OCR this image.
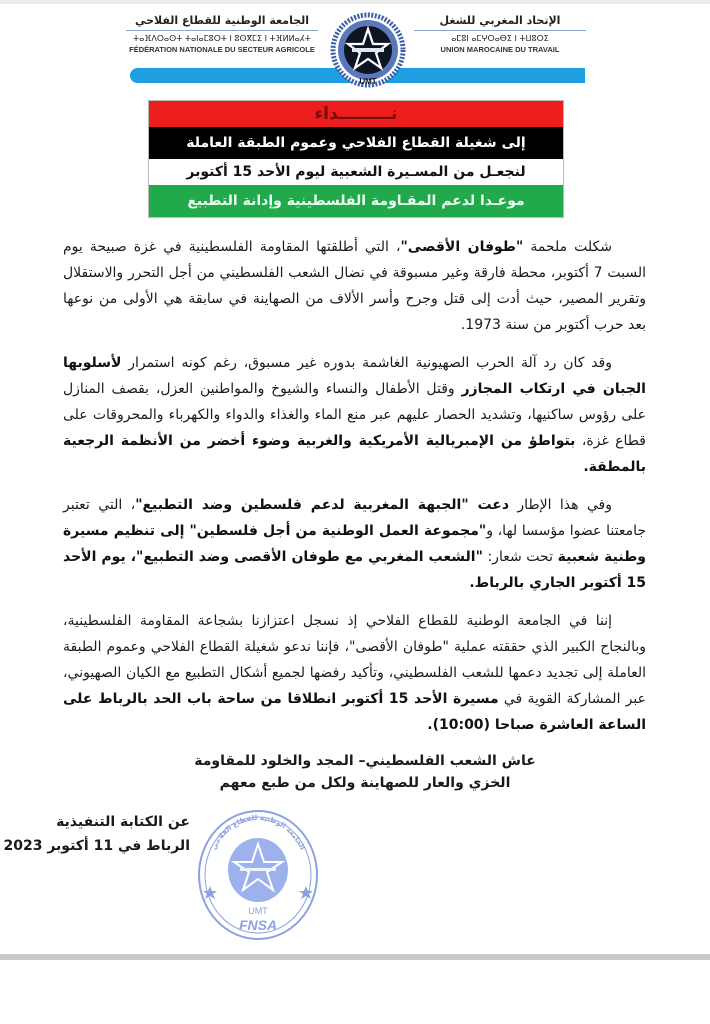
الجامعة الوطنية للقطاع الفلاحي
ⵜⴰⴼⴷⵔⴰⵙⵜ ⵜⴰⵏⴰⵎⵓⵔⵜ ⵏ ⵓⵙⴳⵎⵉ ⵏ ⵜⴼⵍⵍⴰⵃⵜ
FÉDÉRATION NATIONALE DU SECTEUR AGRICOLE
الإتحاد المغربي للشغل
ⴰⵎⵓⵏ ⴰⵎⵖⵔⴰⴱⵉ ⵏ ⵜⵡⵓⵔⵉ
UNION MAROCAINE DU TRAVAIL
UMT
نـــــــــداء
إلى شغيلة القطاع الفلاحي وعموم الطبقة العاملة
لنجعـل من المسـيرة الشعبية ليوم الأحد 15 أكتوبر
موعـدا لدعم المقـاومة الفلسطينية وإدانة التطبيع

شكلت ملحمة "طوفان الأقصى"، التي أطلقتها المقاومة الفلسطينية في غزة صبيحة يوم السبت 7 أكتوبر، محطة فارقة وغير مسبوقة في نضال الشعب الفلسطيني من أجل التحرر والاستقلال وتقرير المصير، حيث أدت إلى قتل وجرح وأسر الألاف من الصهاينة في سابقة هي الأولى من نوعها بعد حرب أكتوبر من سنة 1973.

وقد كان رد آلة الحرب الصهيونية الغاشمة بدوره غير مسبوق، رغم كونه استمرار لأسلوبها الجبان في ارتكاب المجازر وقتل الأطفال والنساء والشيوخ والمواطنين العزل، بقصف المنازل على رؤوس ساكنيها، وتشديد الحصار عليهم عبر منع الماء والغذاء والدواء والكهرباء والمحروقات على قطاع غزة، بتواطؤ من الإمبريالية الأمريكية والغربية وضوء أخضر من الأنظمة الرجعية بالمطقة.

وفي هذا الإطار دعت "الجبهة المغربية لدعم فلسطين وضد التطبيع"، التي تعتبر جامعتنا عضوا مؤسسا لها، و"مجموعة العمل الوطنية من أجل فلسطين" إلى تنظيم مسيرة وطنية شعبية تحت شعار: "الشعب المغربي مع طوفان الأقصى وضد التطبيع"، يوم الأحد 15 أكتوبر الجاري بالرباط.

إننا في الجامعة الوطنية للقطاع الفلاحي إذ نسجل اعتزازنا بشجاعة المقاومة الفلسطينية، وبالنجاح الكبير الذي حققته عملية "طوفان الأقصى"، فإننا ندعو شغيلة القطاع الفلاحي وعموم الطبقة العاملة إلى تجديد دعمها للشعب الفلسطيني، وتأكيد رفضها لجميع أشكال التطبيع مع الكيان الصهيوني، عبر المشاركة القوية في مسيرة الأحد 15 أكتوبر انطلاقا من ساحة باب الحد بالرباط على الساعة العاشرة صباحا (10:00).

عاش الشعب الفلسطيني– المجد والخلود للمقاومة
الخزي والعار للصهاينة ولكل من طبع معهم
عن الكتابة التنفيذية
الرباط في 11 أكتوبر 2023	الجامعة الوطنية للقطاع الفلاحي
UMT
FNSA
